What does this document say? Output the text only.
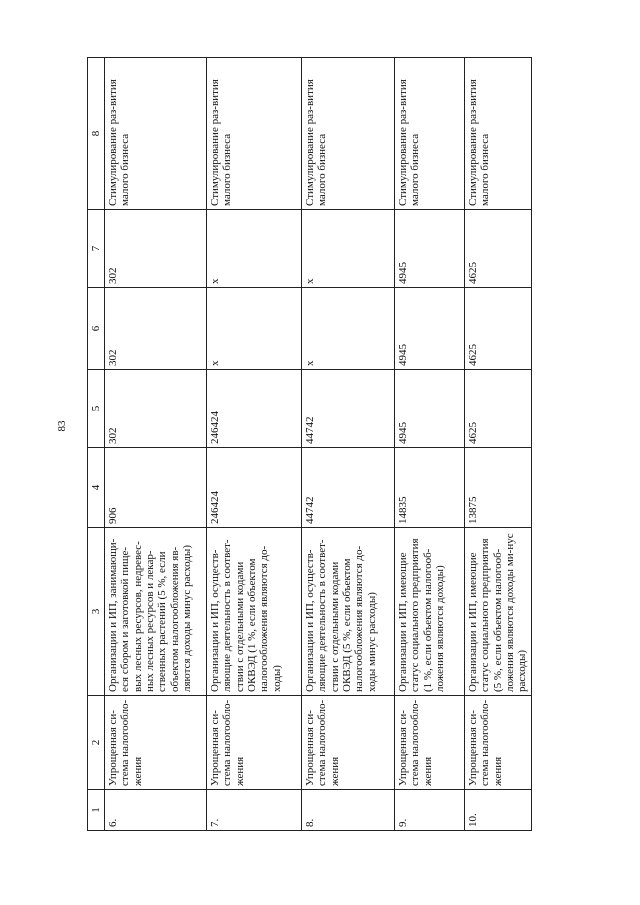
83
1	2	3	4	5	6	7	8
6.	Упрощенная си-стема налогообло-жения	Организации и ИП, занимающи-еся сбором и заготовкой пище-вых лесных ресурсов, недревес-ных лесных ресурсов и лекар-ственных растений (5 %, если объектом налогообложения яв-ляются доходы минус расходы)	906	302	302	302	Стимулирование раз-вития малого бизнеса
7.	Упрощенная си-стема налогообло-жения	Организации и ИП, осуществ-ляющие деятельность в соответ-ствии с отдельными кодами ОКВЭД (1 %, если объектом налогообложения являются до-ходы)	246424	246424	х	х	Стимулирование раз-вития малого бизнеса
8.	Упрощенная си-стема налогообло-жения	Организации и ИП, осуществ-ляющие деятельность в соответ-ствии с отдельными кодами ОКВЭД (5 %, если объектом налогообложения являются до-ходы минус расходы)	44742	44742	х	х	Стимулирование раз-вития малого бизнеса
9.	Упрощенная си-стема налогообло-жения	Организации и ИП, имеющие статус социального предприятия (1 %, если объектом налогооб-ложения являются доходы)	14835	4945	4945	4945	Стимулирование раз-вития малого бизнеса
10.	Упрощенная си-стема налогообло-жения	Организации и ИП, имеющие статус социального предприятия (5 %, если объектом налогооб-ложения являются доходы ми-нус расходы)	13875	4625	4625	4625	Стимулирование раз-вития малого бизнеса
